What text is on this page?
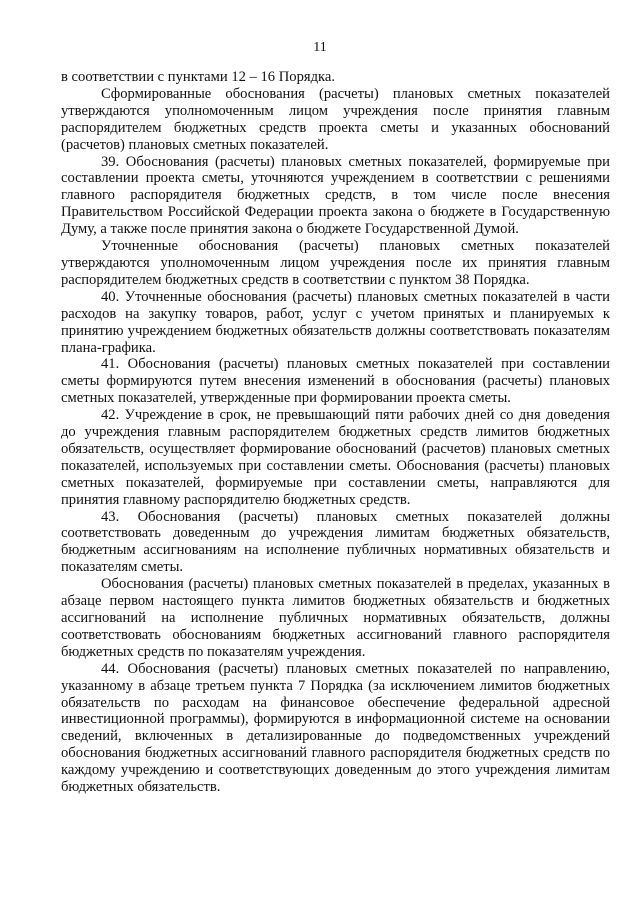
11

в соответствии с пунктами 12 – 16 Порядка.

Сформированные обоснования (расчеты) плановых сметных показателей утверждаются уполномоченным лицом учреждения после принятия главным распорядителем бюджетных средств проекта сметы и указанных обоснований (расчетов) плановых сметных показателей.

39. Обоснования (расчеты) плановых сметных показателей, формируемые при составлении проекта сметы, уточняются учреждением в соответствии с решениями главного распорядителя бюджетных средств, в том числе после внесения Правительством Российской Федерации проекта закона о бюджете в Государственную Думу, а также после принятия закона о бюджете Государственной Думой.

Уточненные обоснования (расчеты) плановых сметных показателей утверждаются уполномоченным лицом учреждения после их принятия главным распорядителем бюджетных средств в соответствии с пунктом 38 Порядка.

40. Уточненные обоснования (расчеты) плановых сметных показателей в части расходов на закупку товаров, работ, услуг с учетом принятых и планируемых к принятию учреждением бюджетных обязательств должны соответствовать показателям плана-графика.

41. Обоснования (расчеты) плановых сметных показателей при составлении сметы формируются путем внесения изменений в обоснования (расчеты) плановых сметных показателей, утвержденные при формировании проекта сметы.

42. Учреждение в срок, не превышающий пяти рабочих дней со дня доведения до учреждения главным распорядителем бюджетных средств лимитов бюджетных обязательств, осуществляет формирование обоснований (расчетов) плановых сметных показателей, используемых при составлении сметы. Обоснования (расчеты) плановых сметных показателей, формируемые при составлении сметы, направляются для принятия главному распорядителю бюджетных средств.

43. Обоснования (расчеты) плановых сметных показателей должны соответствовать доведенным до учреждения лимитам бюджетных обязательств, бюджетным ассигнованиям на исполнение публичных нормативных обязательств и показателям сметы.

Обоснования (расчеты) плановых сметных показателей в пределах, указанных в абзаце первом настоящего пункта лимитов бюджетных обязательств и бюджетных ассигнований на исполнение публичных нормативных обязательств, должны соответствовать обоснованиям бюджетных ассигнований главного распорядителя бюджетных средств по показателям учреждения.

44. Обоснования (расчеты) плановых сметных показателей по направлению, указанному в абзаце третьем пункта 7 Порядка (за исключением лимитов бюджетных обязательств по расходам на финансовое обеспечение федеральной адресной инвестиционной программы), формируются в информационной системе на основании сведений, включенных в детализированные до подведомственных учреждений обоснования бюджетных ассигнований главного распорядителя бюджетных средств по каждому учреждению и соответствующих доведенным до этого учреждения лимитам бюджетных обязательств.
